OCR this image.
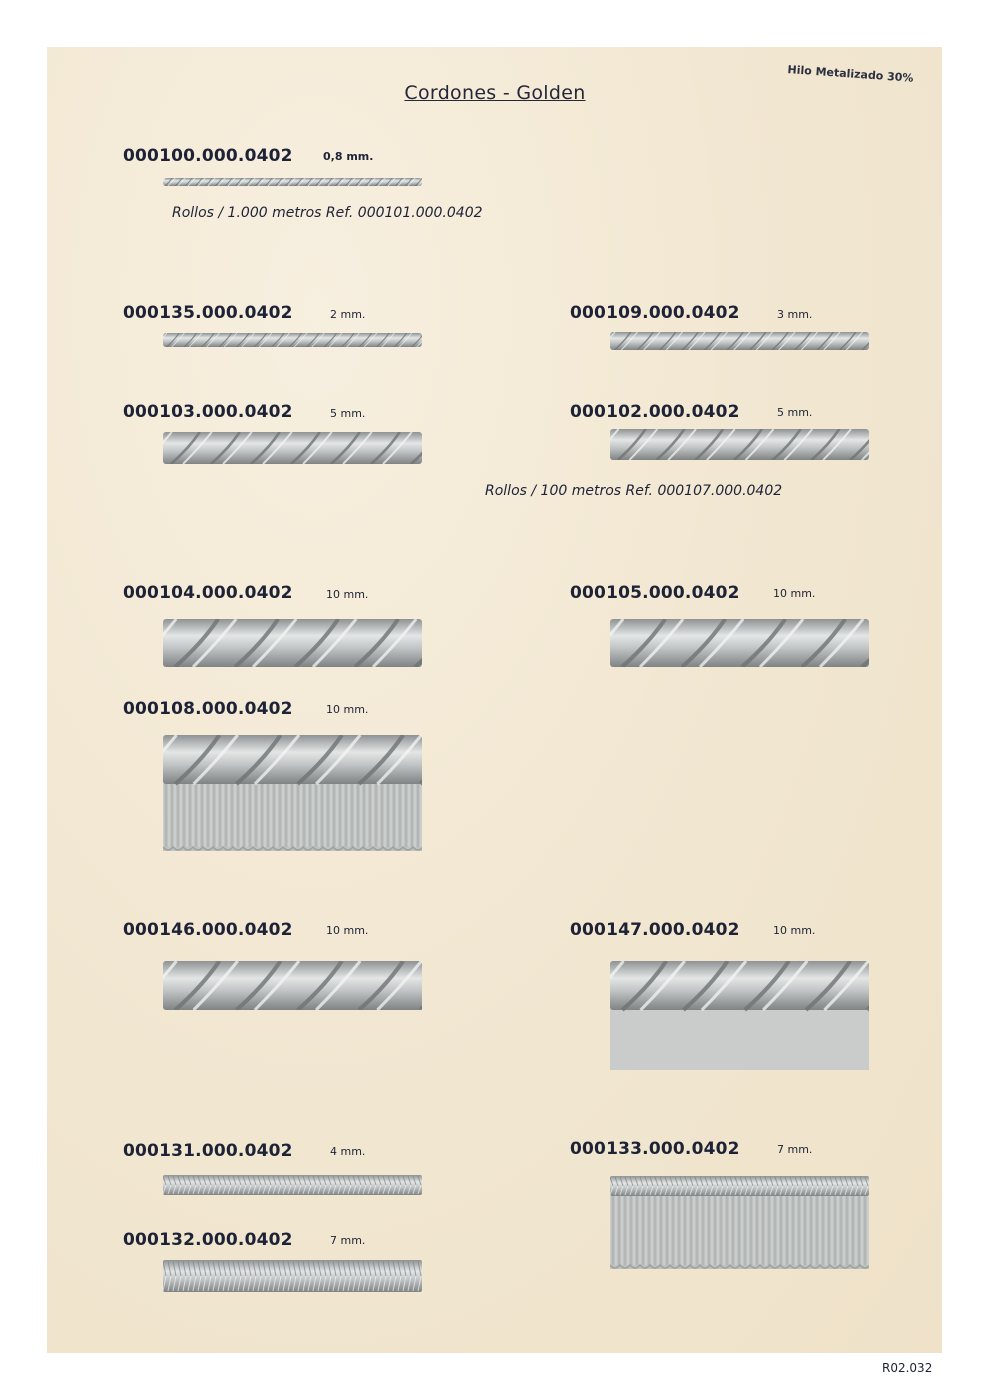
Cordones - Golden
Hilo Metalizado 30%
000100.000.0402	0,8 mm.
Rollos / 1.000 metros Ref. 000101.000.0402
000135.000.0402	2 mm.	000109.000.0402	3 mm.
000103.000.0402	5 mm.	000102.000.0402	5 mm.
Rollos / 100 metros Ref. 000107.000.0402
000104.000.0402	10 mm.	000105.000.0402	10 mm.
000108.000.0402	10 mm.
000146.000.0402	10 mm.	000147.000.0402	10 mm.
000131.000.0402	4 mm.	000133.000.0402	7 mm.
000132.000.0402	7 mm.
R02.032
